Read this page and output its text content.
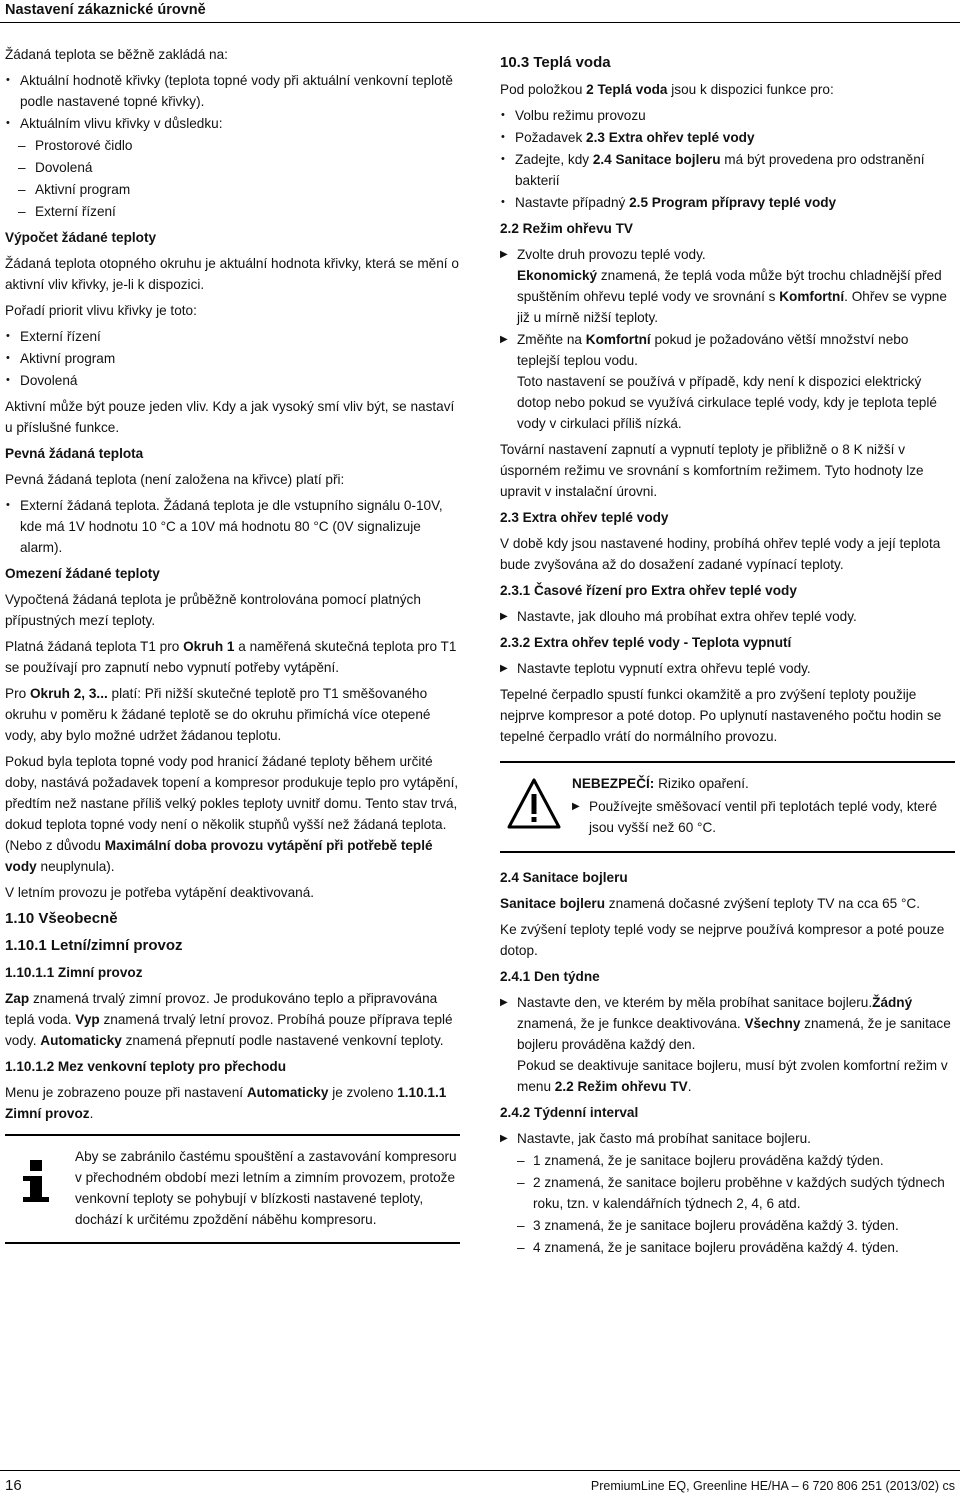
Nastavení zákaznické úrovně

Žádaná teplota se běžně zakládá na:

• Aktuální hodnotě křivky (teplota topné vody při aktuální venkovní teplotě podle nastavené topné křivky).
• Aktuálním vlivu křivky v důsledku:
– Prostorové čidlo
– Dovolená
– Aktivní program
– Externí řízení
Výpočet žádané teploty

Žádaná teplota otopného okruhu je aktuální hodnota křivky, která se mění o aktivní vliv křivky, je-li k dispozici.

Pořadí priorit vlivu křivky je toto:

• Externí řízení
• Aktivní program
• Dovolená

Aktivní může být pouze jeden vliv. Kdy a jak vysoký smí vliv být, se nastaví u příslušné funkce.

Pevná žádaná teplota

Pevná žádaná teplota (není založena na křivce) platí při:

• Externí žádaná teplota. Žádaná teplota je dle vstupního signálu 0-10V, kde má 1V hodnotu 10 °C a 10V má hodnotu 80 °C (0V signalizuje alarm).
Omezení žádané teploty

Vypočtená žádaná teplota je průběžně kontrolována pomocí platných přípustných mezí teploty.

Platná žádaná teplota T1 pro Okruh 1 a naměřená skutečná teplota pro T1 se používají pro zapnutí nebo vypnutí potřeby vytápění.

Pro Okruh 2, 3... platí: Při nižší skutečné teplotě pro T1 směšovaného okruhu v poměru k žádané teplotě se do okruhu přimíchá více otepené vody, aby bylo možné udržet žádanou teplotu.

Pokud byla teplota topné vody pod hranicí žádané teploty během určité doby, nastává požadavek topení a kompresor produkuje teplo pro vytápění, předtím než nastane příliš velký pokles teploty uvnitř domu. Tento stav trvá, dokud teplota topné vody není o několik stupňů vyšší než žádaná teplota. (Nebo z důvodu Maximální doba provozu vytápění při potřebě teplé vody neuplynula).

V letním provozu je potřeba vytápění deaktivovaná.

1.10 Všeobecně
1.10.1 Letní/zimní provoz
1.10.1.1 Zimní provoz

Zap znamená trvalý zimní provoz. Je produkováno teplo a připravována teplá voda. Vyp znamená trvalý letní provoz. Probíhá pouze příprava teplé vody. Automaticky znamená přepnutí podle nastavené venkovní teploty.

1.10.1.2 Mez venkovní teploty pro přechodu

Menu je zobrazeno pouze při nastavení Automaticky je zvoleno 1.10.1.1 Zimní provoz.

Aby se zabránilo častému spouštění a zastavování kompresoru v přechodném období mezi letním a zimním provozem, protože venkovní teploty se pohybují v blízkosti nastavené teploty, dochází k určitému zpoždění náběhu kompresoru.
10.3 Teplá voda

Pod položkou 2 Teplá voda jsou k dispozici funkce pro:

• Volbu režimu provozu
• Požadavek 2.3 Extra ohřev teplé vody
• Zadejte, kdy 2.4 Sanitace bojleru má být provedena pro odstranění bakterií
• Nastavte případný 2.5 Program přípravy teplé vody
2.2 Režim ohřevu TV
▶ Zvolte druh provozu teplé vody.
Ekonomický znamená, že teplá voda může být trochu chladnější před spuštěním ohřevu teplé vody ve srovnání s Komfortní. Ohřev se vypne již u mírně nižší teploty.
▶ Změňte na Komfortní pokud je požadováno větší množství nebo teplejší teplou vodu.
Toto nastavení se používá v případě, kdy není k dispozici elektrický dotop nebo pokud se využívá cirkulace teplé vody, kdy je teplota teplé vody v cirkulaci příliš nízká.

Tovární nastavení zapnutí a vypnutí teploty je přibližně o 8 K nižší v úsporném režimu ve srovnání s komfortním režimem. Tyto hodnoty lze upravit v instalační úrovni.

2.3 Extra ohřev teplé vody

V době kdy jsou nastavené hodiny, probíhá ohřev teplé vody a její teplota bude zvyšována až do dosažení zadané vypínací teploty.

2.3.1 Časové řízení pro Extra ohřev teplé vody
▶ Nastavte, jak dlouho má probíhat extra ohřev teplé vody.
2.3.2 Extra ohřev teplé vody - Teplota vypnutí
▶ Nastavte teplotu vypnutí extra ohřevu teplé vody.

Tepelné čerpadlo spustí funkci okamžitě a pro zvýšení teploty použije nejprve kompresor a poté dotop. Po uplynutí nastaveného počtu hodin se tepelné čerpadlo vrátí do normálního provozu.

NEBEZPEČÍ: Riziko opaření.
▶ Používejte směšovací ventil při teplotách teplé vody, které jsou vyšší než 60 °C.
2.4 Sanitace bojleru

Sanitace bojleru znamená dočasné zvýšení teploty TV na cca 65 °C.

Ke zvýšení teploty teplé vody se nejprve používá kompresor a poté pouze dotop.

2.4.1 Den týdne
▶ Nastavte den, ve kterém by měla probíhat sanitace bojleru.Žádný znamená, že je funkce deaktivována. Všechny znamená, že je sanitace bojleru prováděna každý den.
Pokud se deaktivuje sanitace bojleru, musí být zvolen komfortní režim v menu 2.2 Režim ohřevu TV.
2.4.2 Týdenní interval
▶ Nastavte, jak často má probíhat sanitace bojleru.
– 1 znamená, že je sanitace bojleru prováděna každý týden.
– 2 znamená, že sanitace bojleru proběhne v každých sudých týdnech roku, tzn. v kalendářních týdnech 2, 4, 6 atd.
– 3 znamená, že je sanitace bojleru prováděna každý 3. týden.
– 4 znamená, že je sanitace bojleru prováděna každý 4. týden.
16	PremiumLine EQ, Greenline HE/HA – 6 720 806 251 (2013/02) cs
